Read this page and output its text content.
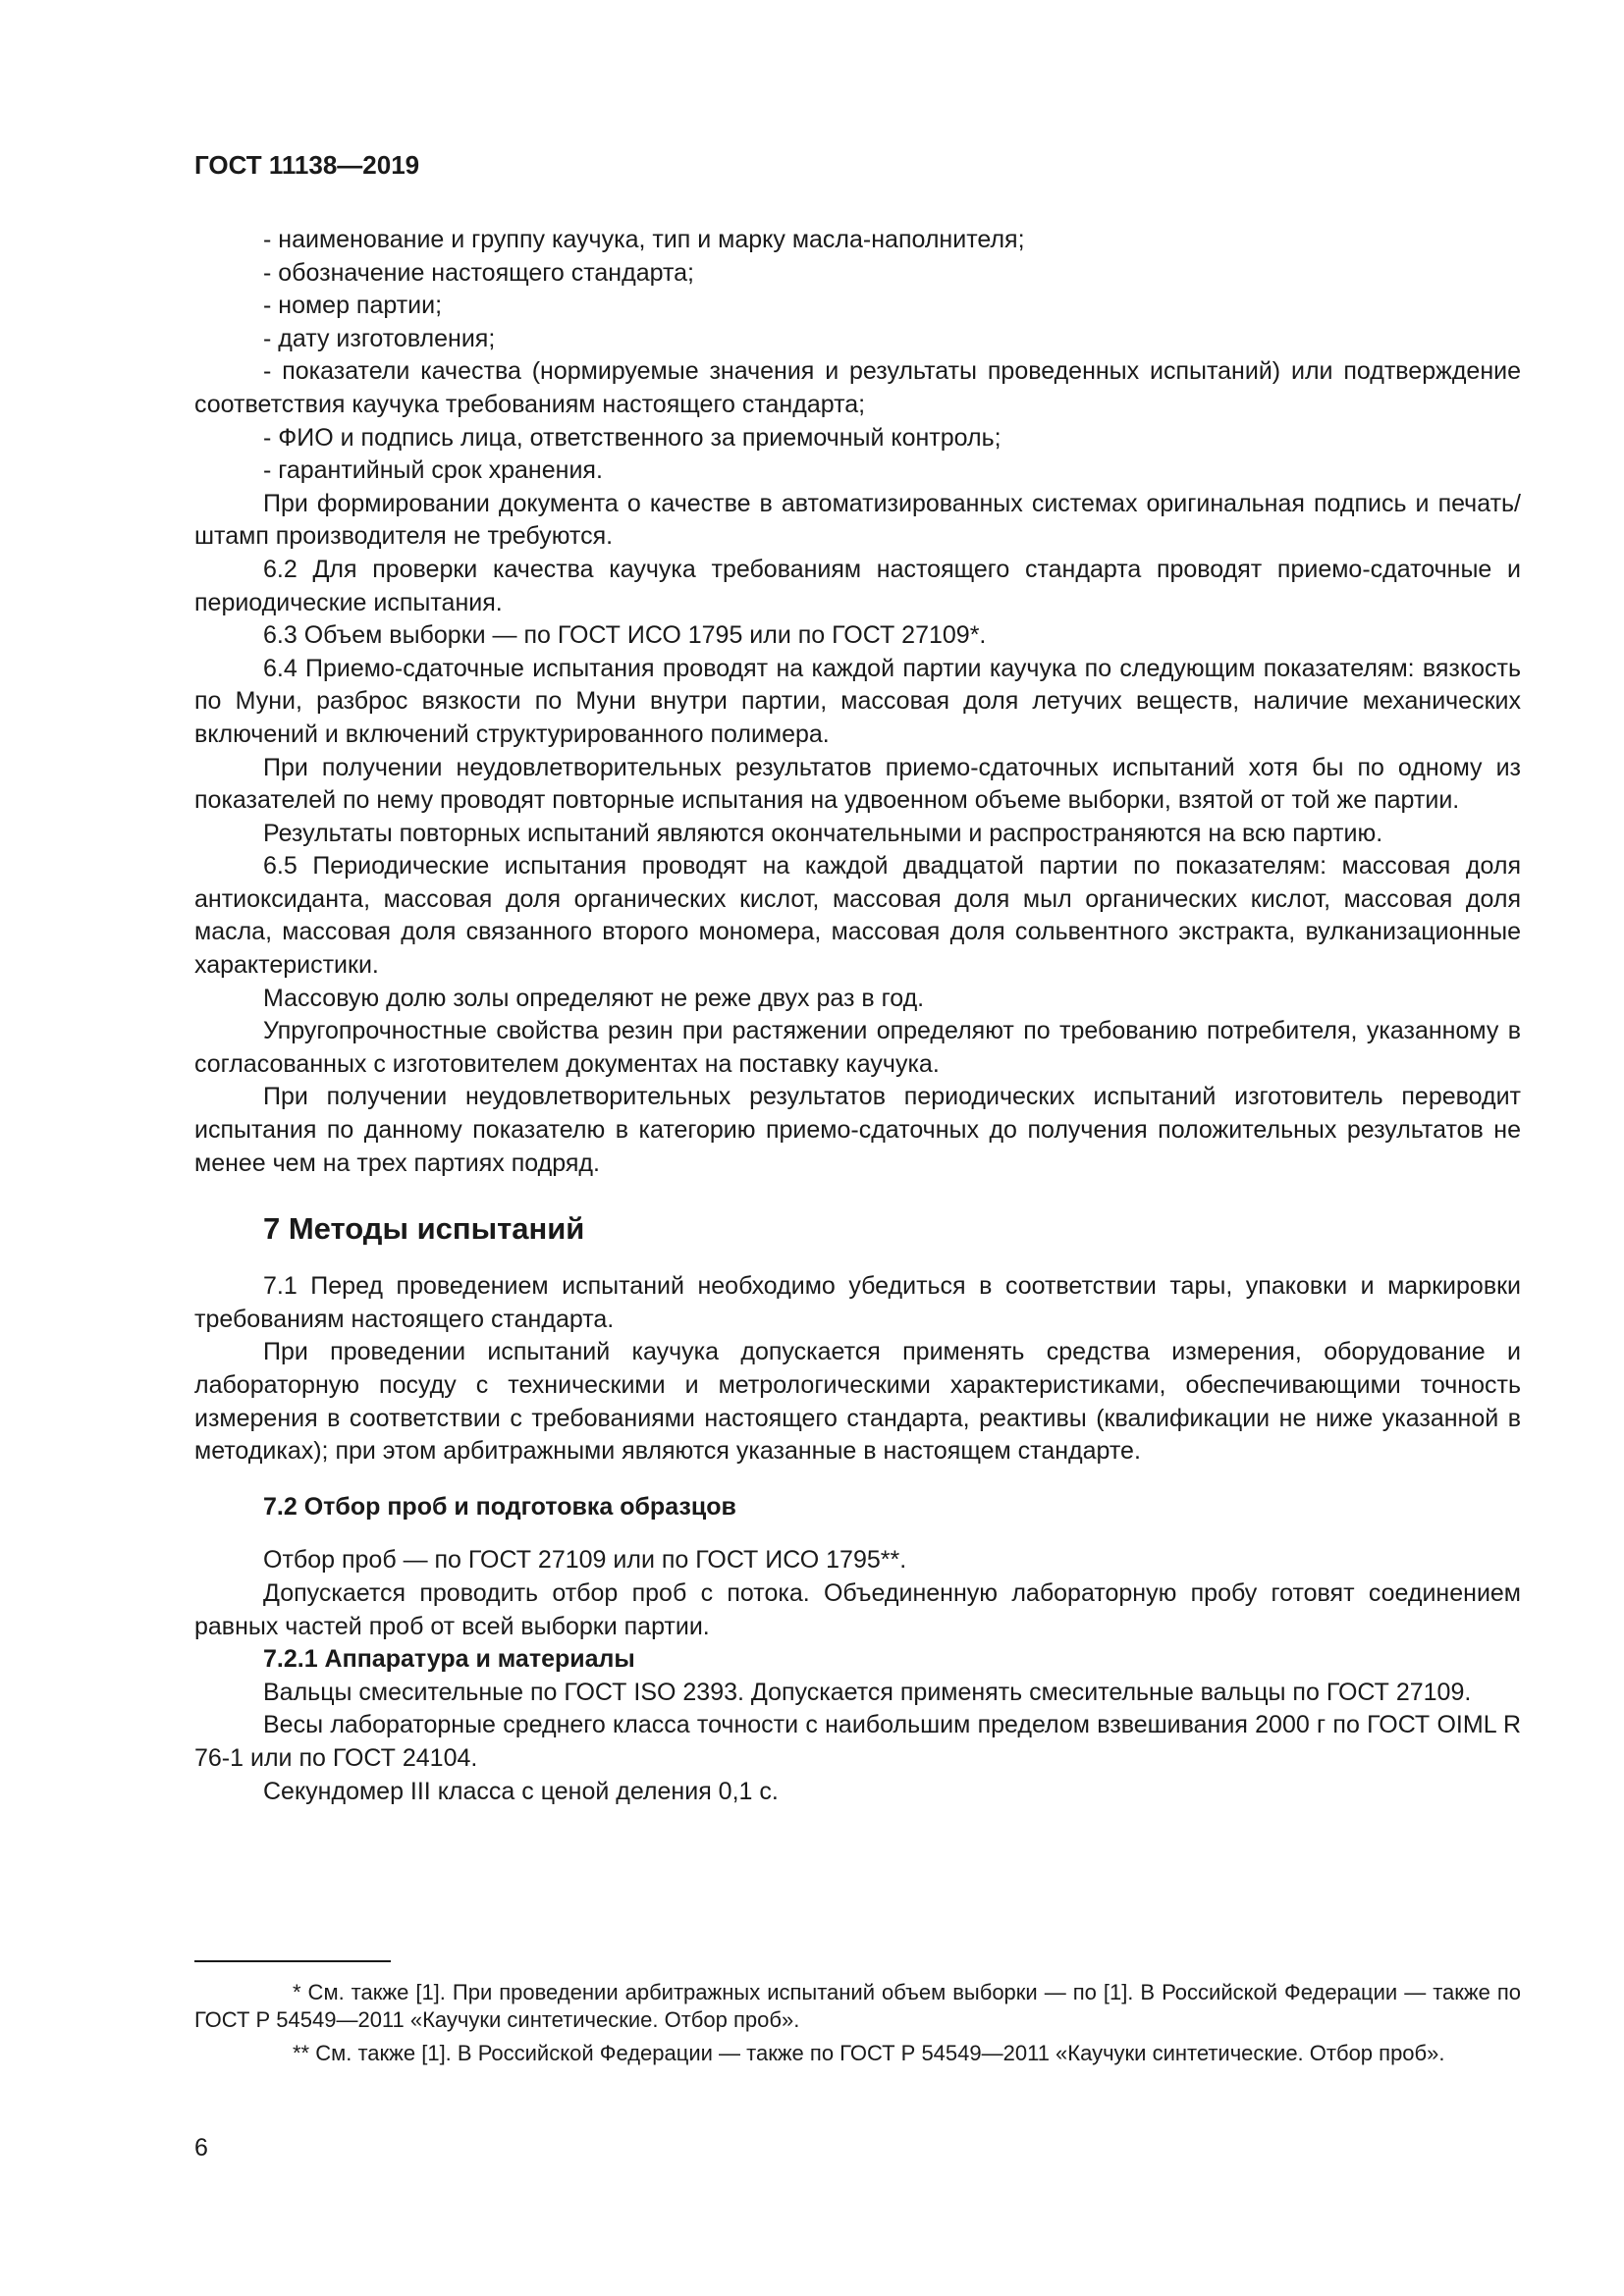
ГОСТ 11138—2019

- наименование и группу каучука, тип и марку масла-наполнителя;

- обозначение настоящего стандарта;

- номер партии;

- дату изготовления;

- показатели качества (нормируемые значения и результаты проведенных испытаний) или подтверждение соответствия каучука требованиям настоящего стандарта;

- ФИО и подпись лица, ответственного за приемочный контроль;

- гарантийный срок хранения.

При формировании документа о качестве в автоматизированных системах оригинальная подпись и печать/штамп производителя не требуются.

6.2 Для проверки качества каучука требованиям настоящего стандарта проводят приемо-сдаточные и периодические испытания.

6.3 Объем выборки — по ГОСТ ИСО 1795 или по ГОСТ 27109*.

6.4 Приемо-сдаточные испытания проводят на каждой партии каучука по следующим показателям: вязкость по Муни, разброс вязкости по Муни внутри партии, массовая доля летучих веществ, наличие механических включений и включений структурированного полимера.

При получении неудовлетворительных результатов приемо-сдаточных испытаний хотя бы по одному из показателей по нему проводят повторные испытания на удвоенном объеме выборки, взятой от той же партии.

Результаты повторных испытаний являются окончательными и распространяются на всю партию.

6.5 Периодические испытания проводят на каждой двадцатой партии по показателям: массовая доля антиоксиданта, массовая доля органических кислот, массовая доля мыл органических кислот, массовая доля масла, массовая доля связанного второго мономера, массовая доля сольвентного экстракта, вулканизационные характеристики.

Массовую долю золы определяют не реже двух раз в год.

Упругопрочностные свойства резин при растяжении определяют по требованию потребителя, указанному в согласованных с изготовителем документах на поставку каучука.

При получении неудовлетворительных результатов периодических испытаний изготовитель переводит испытания по данному показателю в категорию приемо-сдаточных до получения положительных результатов не менее чем на трех партиях подряд.

7 Методы испытаний

7.1 Перед проведением испытаний необходимо убедиться в соответствии тары, упаковки и маркировки требованиям настоящего стандарта.

При проведении испытаний каучука допускается применять средства измерения, оборудование и лабораторную посуду с техническими и метрологическими характеристиками, обеспечивающими точность измерения в соответствии с требованиями настоящего стандарта, реактивы (квалификации не ниже указанной в методиках); при этом арбитражными являются указанные в настоящем стандарте.

7.2 Отбор проб и подготовка образцов

Отбор проб — по ГОСТ 27109 или по ГОСТ ИСО 1795**.

Допускается проводить отбор проб с потока. Объединенную лабораторную пробу готовят соединением равных частей проб от всей выборки партии.

7.2.1 Аппаратура и материалы

Вальцы смесительные по ГОСТ ISO 2393. Допускается применять смесительные вальцы по ГОСТ 27109.

Весы лабораторные среднего класса точности с наибольшим пределом взвешивания 2000 г по ГОСТ OIML R 76-1 или по ГОСТ 24104.

Секундомер III класса с ценой деления 0,1 с.

* См. также [1]. При проведении арбитражных испытаний объем выборки — по [1]. В Российской Федерации — также по ГОСТ Р 54549—2011 «Каучуки синтетические. Отбор проб».

** См. также [1]. В Российской Федерации — также по ГОСТ Р 54549—2011 «Каучуки синтетические. Отбор проб».

6
